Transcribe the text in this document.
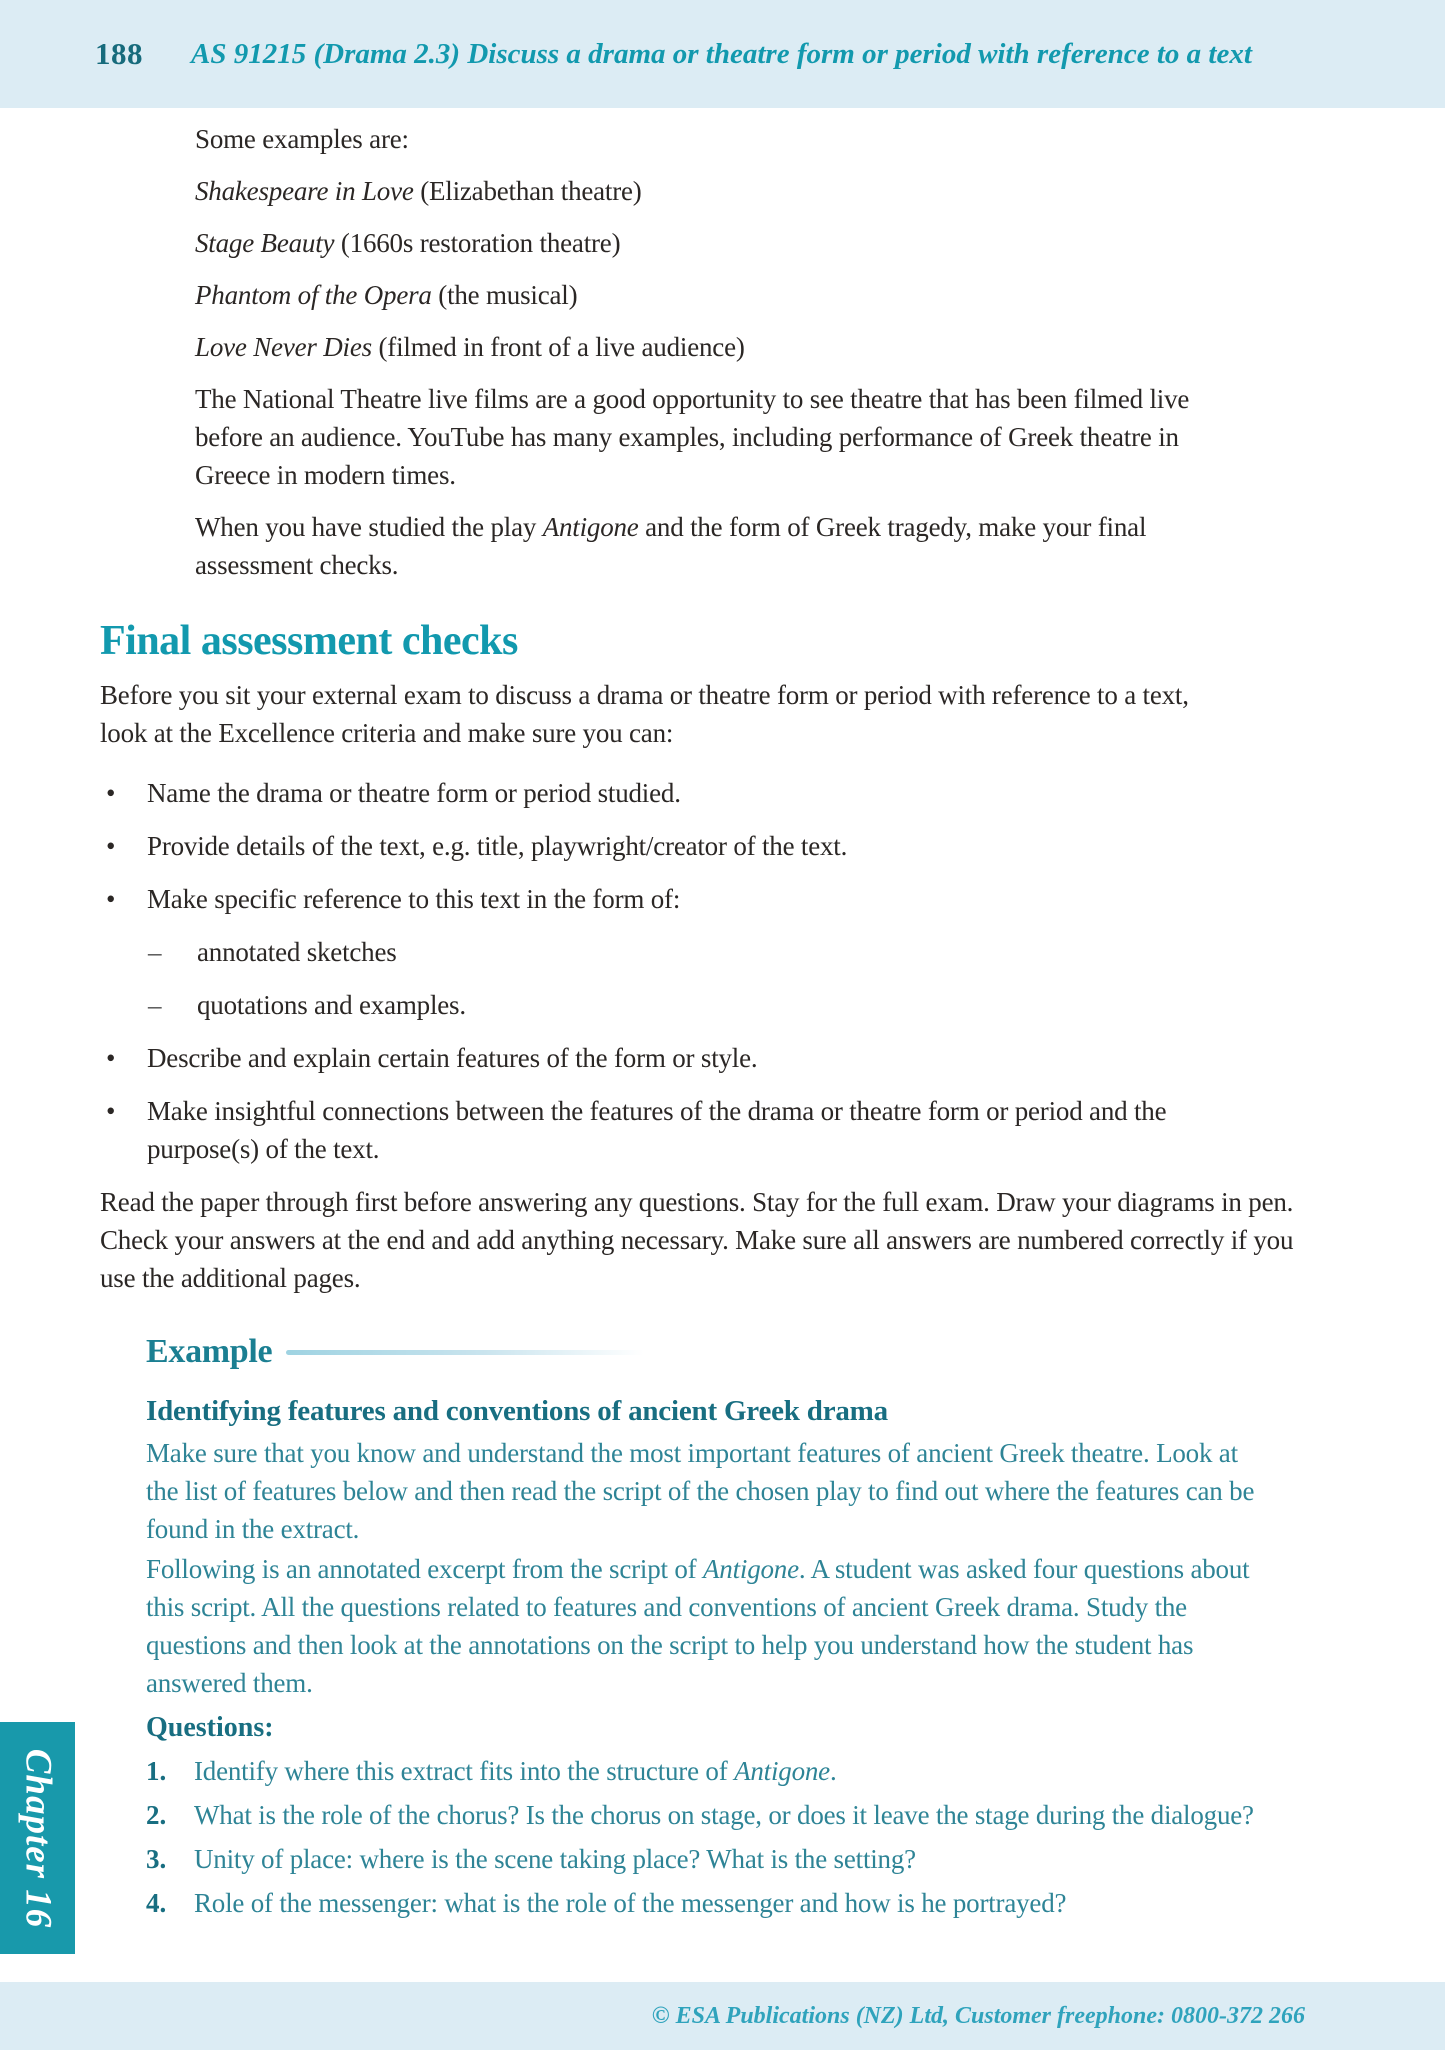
188 AS 91215 (Drama 2.3) Discuss a drama or theatre form or period with reference to a text

Some examples are:

Shakespeare in Love (Elizabethan theatre)

Stage Beauty (1660s restoration theatre)

Phantom of the Opera (the musical)

Love Never Dies (filmed in front of a live audience)

The National Theatre live films are a good opportunity to see theatre that has been filmed live before an audience. YouTube has many examples, including performance of Greek theatre in Greece in modern times.

When you have studied the play Antigone and the form of Greek tragedy, make your final assessment checks.

Final assessment checks

Before you sit your external exam to discuss a drama or theatre form or period with reference to a text, look at the Excellence criteria and make sure you can:

•	Name the drama or theatre form or period studied.
•	Provide details of the text, e.g. title, playwright/creator of the text.
•	Make specific reference to this text in the form of:
–	annotated sketches
–	quotations and examples.
•	Describe and explain certain features of the form or style.
•	Make insightful connections between the features of the drama or theatre form or period and the purpose(s) of the text.

Read the paper through first before answering any questions. Stay for the full exam. Draw your diagrams in pen. Check your answers at the end and add anything necessary. Make sure all answers are numbered correctly if you use the additional pages.

Example
Identifying features and conventions of ancient Greek drama

Make sure that you know and understand the most important features of ancient Greek theatre. Look at the list of features below and then read the script of the chosen play to find out where the features can be found in the extract.

Following is an annotated excerpt from the script of Antigone. A student was asked four questions about this script. All the questions related to features and conventions of ancient Greek drama. Study the questions and then look at the annotations on the script to help you understand how the student has answered them.

Questions:

1.	Identify where this extract fits into the structure of Antigone.
2.	What is the role of the chorus? Is the chorus on stage, or does it leave the stage during the dialogue?
3.	Unity of place: where is the scene taking place? What is the setting?
4.	Role of the messenger: what is the role of the messenger and how is he portrayed?
Chapter 16
© ESA Publications (NZ) Ltd, Customer freephone: 0800-372 266
